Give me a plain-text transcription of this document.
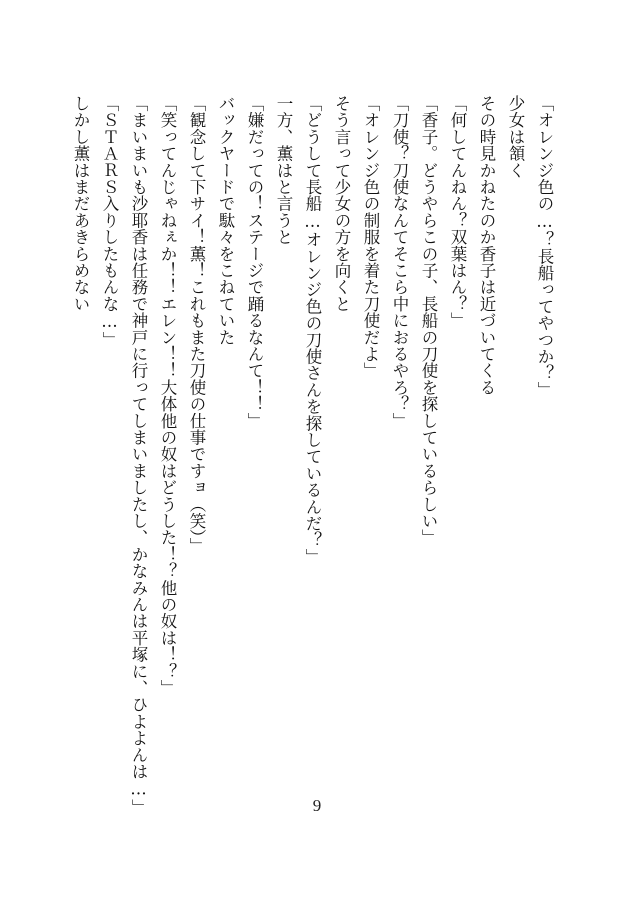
「オレンジ色の…？長船ってやつか？」

少女は頷く

その時見かねたのか香子は近づいてくる

「何してんねん？双葉はん？」

「香子。どうやらこの子、長船の刀使を探しているらしい」

「刀使？刀使なんてそこら中におるやろ？」

「オレンジ色の制服を着た刀使だよ」

そう言って少女の方を向くと

「どうして長船…オレンジ色の刀使さんを探しているんだ？」

一方、薫はと言うと

「嫌だっての！ステージで踊るなんて！！」

バックヤードで駄々をこねていた

「観念して下サイ！薫！これもまた刀使の仕事ですョ（笑）」

「笑ってんじゃねぇか！！エレン！！大体他の奴はどうした！？他の奴は！？」

「まいまいも沙耶香は任務で神戸に行ってしまいましたし、かなみんは平塚に、ひよよんは…」

「ＳＴＡＲＳ入りしたもんな…」

しかし薫はまだあきらめない

9
